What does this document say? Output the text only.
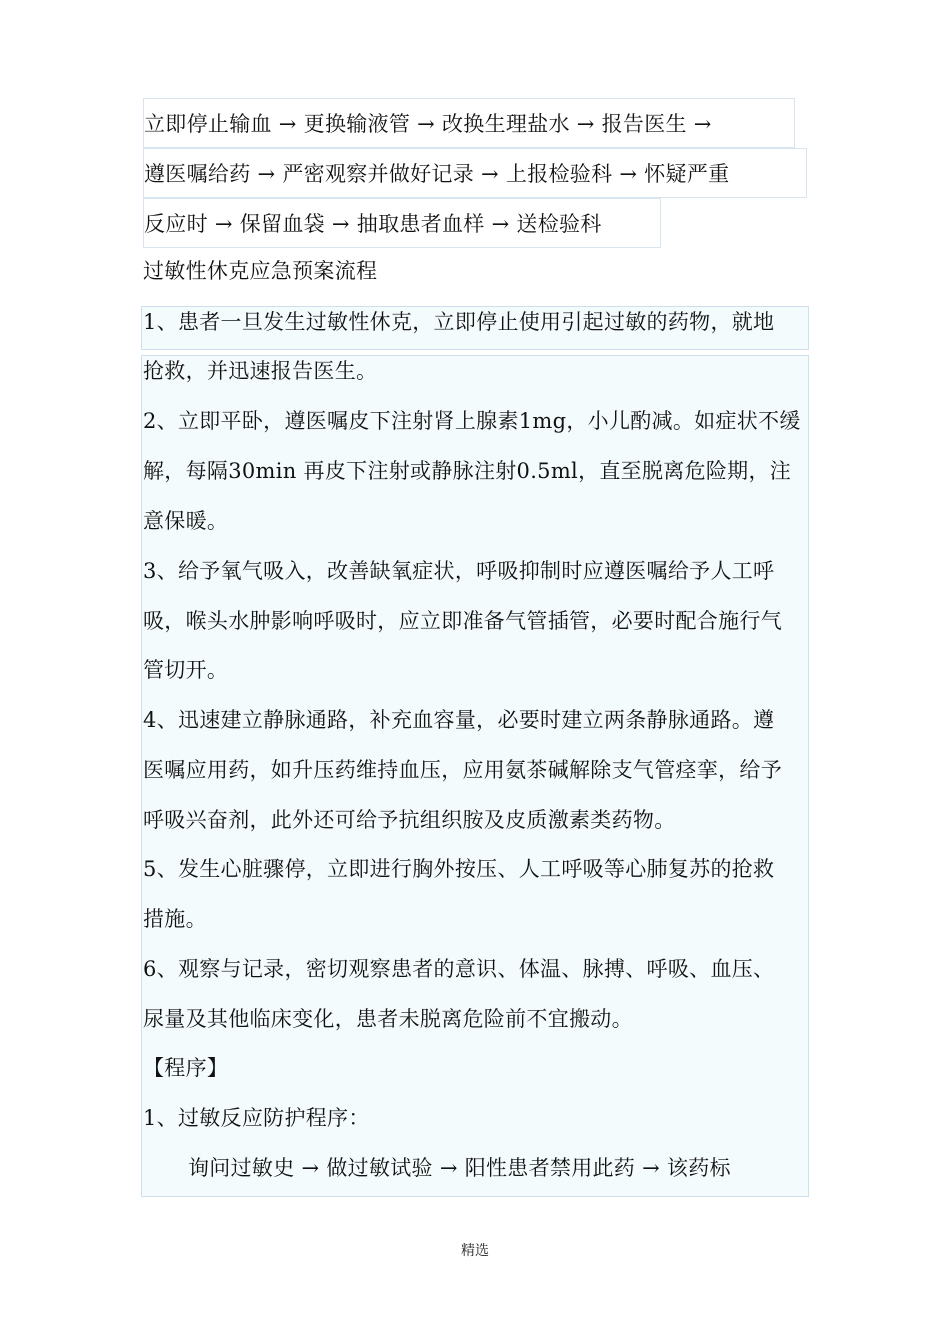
立即停止输血 → 更换输液管 → 改换生理盐水 → 报告医生 →
遵医嘱给药 → 严密观察并做好记录 → 上报检验科 → 怀疑严重
反应时 → 保留血袋 → 抽取患者血样 → 送检验科
过敏性休克应急预案流程
1、患者一旦发生过敏性休克，立即停止使用引起过敏的药物，就地
抢救，并迅速报告医生。
2、立即平卧，遵医嘱皮下注射肾上腺素1mg，小儿酌减。如症状不缓
解，每隔30min 再皮下注射或静脉注射0.5ml，直至脱离危险期，注
意保暖。
3、给予氧气吸入，改善缺氧症状，呼吸抑制时应遵医嘱给予人工呼
吸，喉头水肿影响呼吸时，应立即准备气管插管，必要时配合施行气
管切开。
4、迅速建立静脉通路，补充血容量，必要时建立两条静脉通路。遵
医嘱应用药，如升压药维持血压，应用氨茶碱解除支气管痉挛，给予
呼吸兴奋剂，此外还可给予抗组织胺及皮质激素类药物。
5、发生心脏骤停，立即进行胸外按压、人工呼吸等心肺复苏的抢救
措施。
6、观察与记录，密切观察患者的意识、体温、脉搏、呼吸、血压、
尿量及其他临床变化，患者未脱离危险前不宜搬动。
【程序】
1、过敏反应防护程序：
询问过敏史 → 做过敏试验 → 阳性患者禁用此药 → 该药标
精选
